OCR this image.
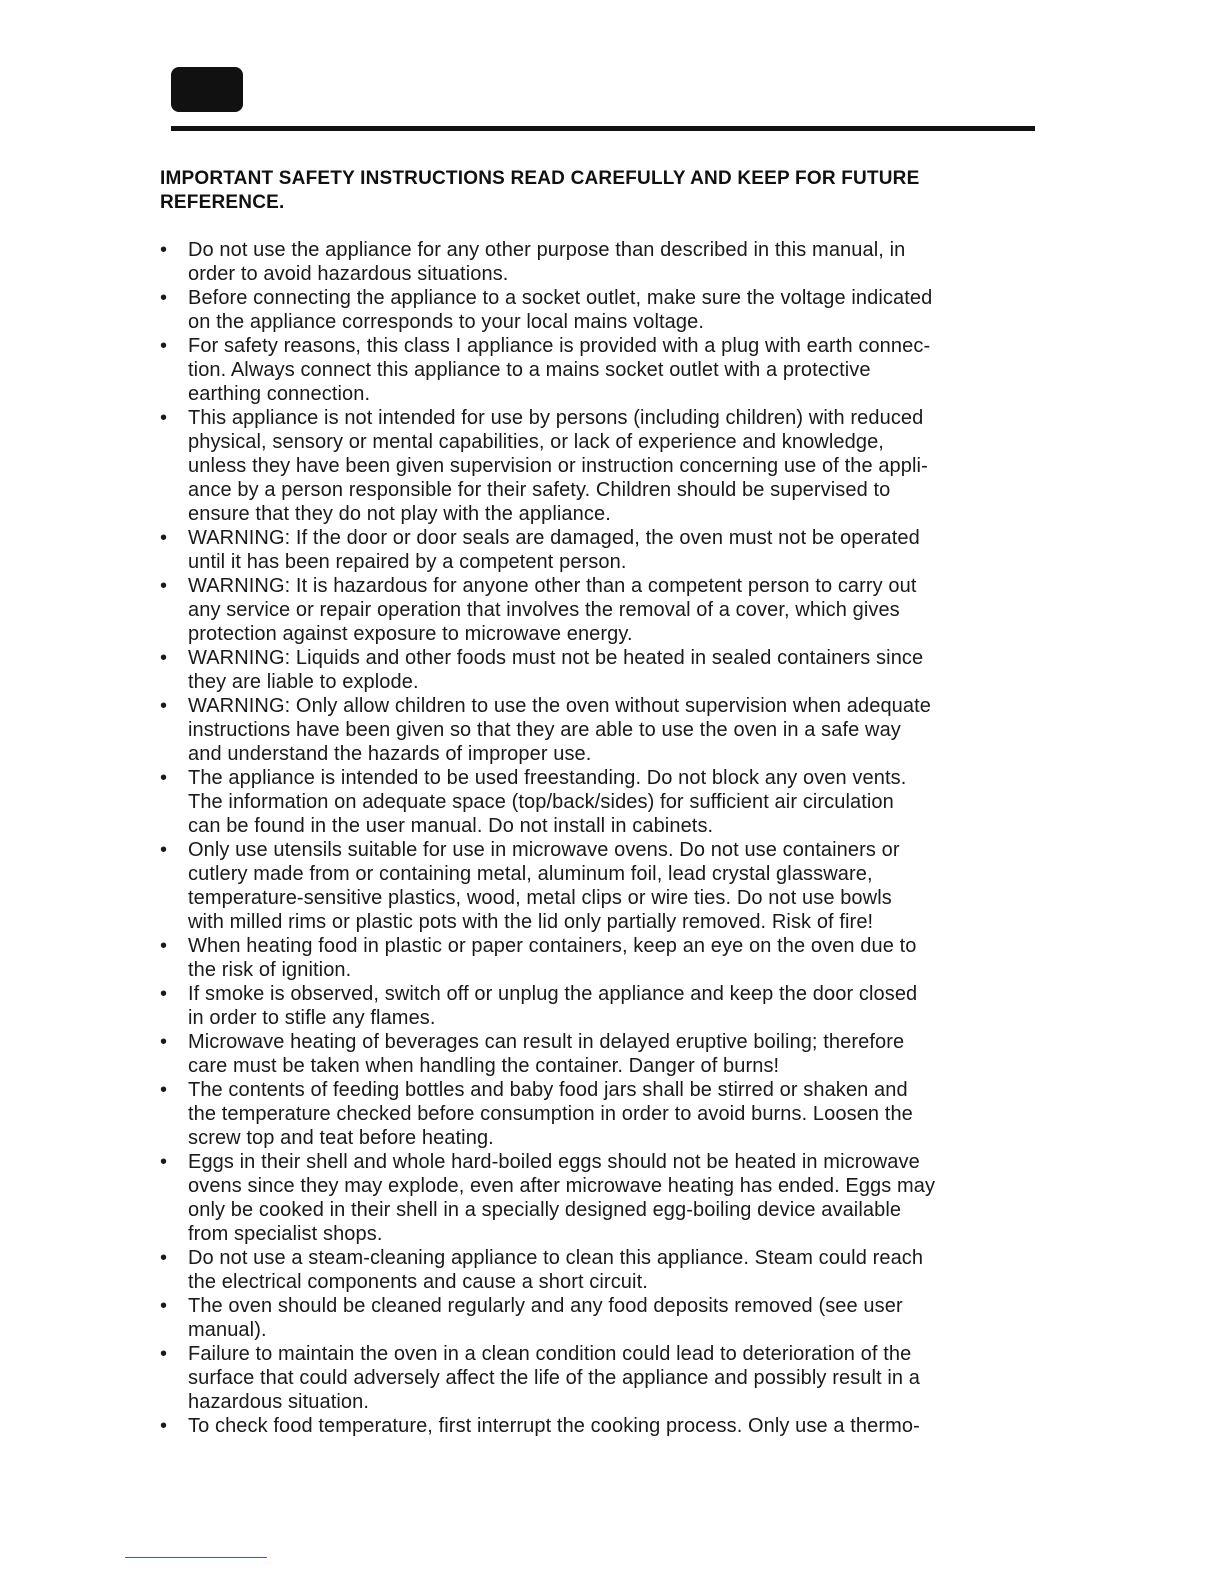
IMPORTANT SAFETY INSTRUCTIONS READ CAREFULLY AND KEEP FOR FUTURE
REFERENCE.
• Do not use the appliance for any other purpose than described in this manual, in
order to avoid hazardous situations.
• Before connecting the appliance to a socket outlet, make sure the voltage indicated
on the appliance corresponds to your local mains voltage.
• For safety reasons, this class I appliance is provided with a plug with earth connec-
tion. Always connect this appliance to a mains socket outlet with a protective
earthing connection.
• This appliance is not intended for use by persons (including children) with reduced
physical, sensory or mental capabilities, or lack of experience and knowledge,
unless they have been given supervision or instruction concerning use of the appli-
ance by a person responsible for their safety. Children should be supervised to
ensure that they do not play with the appliance.
• WARNING: If the door or door seals are damaged, the oven must not be operated
until it has been repaired by a competent person.
• WARNING: It is hazardous for anyone other than a competent person to carry out
any service or repair operation that involves the removal of a cover, which gives
protection against exposure to microwave energy.
• WARNING: Liquids and other foods must not be heated in sealed containers since
they are liable to explode.
• WARNING: Only allow children to use the oven without supervision when adequate
instructions have been given so that they are able to use the oven in a safe way
and understand the hazards of improper use.
• The appliance is intended to be used freestanding. Do not block any oven vents.
The information on adequate space (top/back/sides) for sufficient air circulation
can be found in the user manual. Do not install in cabinets.
• Only use utensils suitable for use in microwave ovens. Do not use containers or
cutlery made from or containing metal, aluminum foil, lead crystal glassware,
temperature-sensitive plastics, wood, metal clips or wire ties. Do not use bowls
with milled rims or plastic pots with the lid only partially removed. Risk of fire!
• When heating food in plastic or paper containers, keep an eye on the oven due to
the risk of ignition.
• If smoke is observed, switch off or unplug the appliance and keep the door closed
in order to stifle any flames.
• Microwave heating of beverages can result in delayed eruptive boiling; therefore
care must be taken when handling the container. Danger of burns!
• The contents of feeding bottles and baby food jars shall be stirred or shaken and
the temperature checked before consumption in order to avoid burns. Loosen the
screw top and teat before heating.
• Eggs in their shell and whole hard-boiled eggs should not be heated in microwave
ovens since they may explode, even after microwave heating has ended. Eggs may
only be cooked in their shell in a specially designed egg-boiling device available
from specialist shops.
• Do not use a steam-cleaning appliance to clean this appliance. Steam could reach
the electrical components and cause a short circuit.
• The oven should be cleaned regularly and any food deposits removed (see user
manual).
• Failure to maintain the oven in a clean condition could lead to deterioration of the
surface that could adversely affect the life of the appliance and possibly result in a
hazardous situation.
• To check food temperature, first interrupt the cooking process. Only use a thermo-
